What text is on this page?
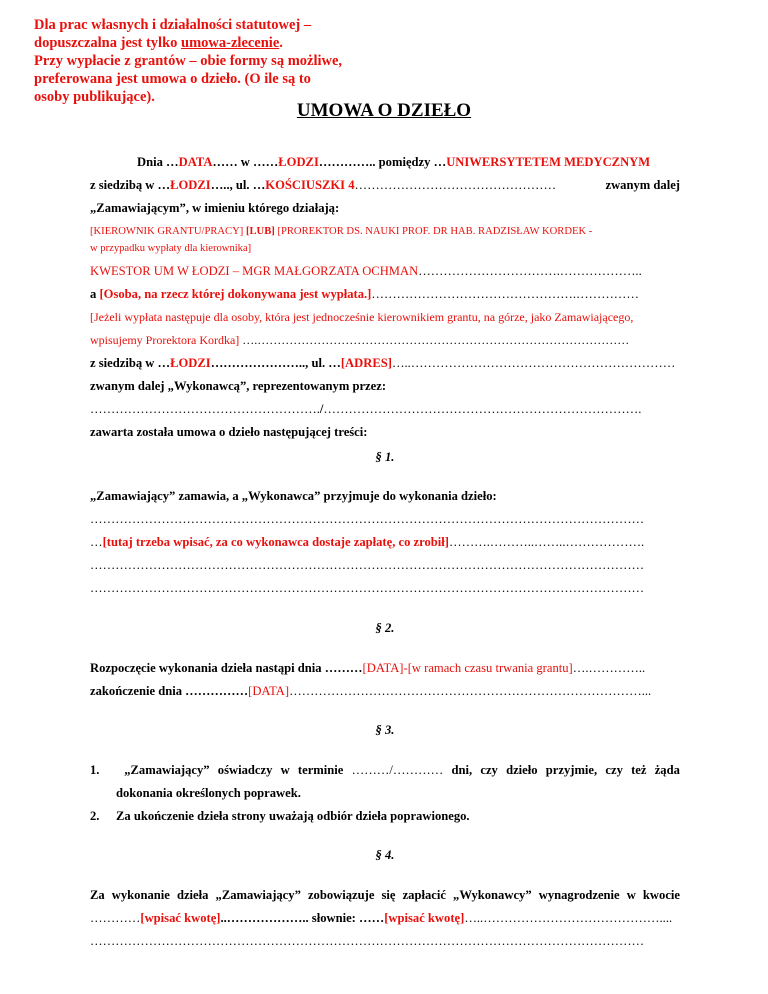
Dla prac własnych i działalności statutowej –
dopuszczalna jest tylko umowa-zlecenie.
Przy wypłacie z grantów – obie formy są możliwe,
preferowana jest umowa o dzieło. (O ile są to
osoby publikujące).
UMOWA O DZIEŁO
Dnia …DATA…… w ……ŁODZI………….. pomiędzy …UNIWERSYTETEM MEDYCZNYM
z siedzibą w …ŁODZI….., ul. …KOŚCIUSZKI 4…………………………………………	zwanym dalej
„Zamawiającym”, w imieniu którego działają:
[KIEROWNIK GRANTU/PRACY] [LUB] [PROREKTOR DS. NAUKI PROF. DR HAB. RADZISŁAW KORDEK -
w przypadku wypłaty dla kierownika]
KWESTOR UM W ŁODZI – MGR MAŁGORZATA OCHMAN…………………………….………………..
a [Osoba, na rzecz której dokonywana jest wypłata.]………………………………………….……………
[Jeżeli wypłata następuje dla osoby, która jest jednocześnie kierownikiem grantu, na górze, jako Zamawiającego,
wpisujemy Prorektora Kordka] ….…………………………………………………………………………………
z siedzibą w …ŁODZI………………….., ul. …[ADRES]…..………………………………………………………
zwanym dalej „Wykonawcą”, reprezentowanym przez:
………………………………………………./………………………………………………………………….
zawarta została umowa o dzieło następującej treści:
§ 1.
„Zamawiający” zamawia, a „Wykonawca” przyjmuje do wykonania dzieło:
……………………………………………………………………………………………………………………
…[tutaj trzeba wpisać, za co wykonawca dostaje zapłatę, co zrobił]……….………..……..……………….
……………………………………………………………………………………………………………………
……………………………………………………………………………………………………………………
§ 2.
Rozpoczęcie wykonania dzieła nastąpi dnia ………[DATA]-[w ramach czasu trwania grantu]….…………..
zakończenie dnia ……………[DATA]…………………………………………………………………………...
§ 3.
1.	„Zamawiający” oświadczy w terminie ………/………… dni, czy dzieło przyjmie, czy też żąda
dokonania określonych poprawek.
2. Za ukończenie dzieła strony uważają odbiór dzieła poprawionego.
§ 4.
Za wykonanie dzieła „Zamawiający” zobowiązuje się zapłacić „Wykonawcy” wynagrodzenie w kwocie
…………[wpisać kwotę]..……………….. słownie: ……[wpisać kwotę]…..……………………………………....
……………………………………………………………………………………………………………………
